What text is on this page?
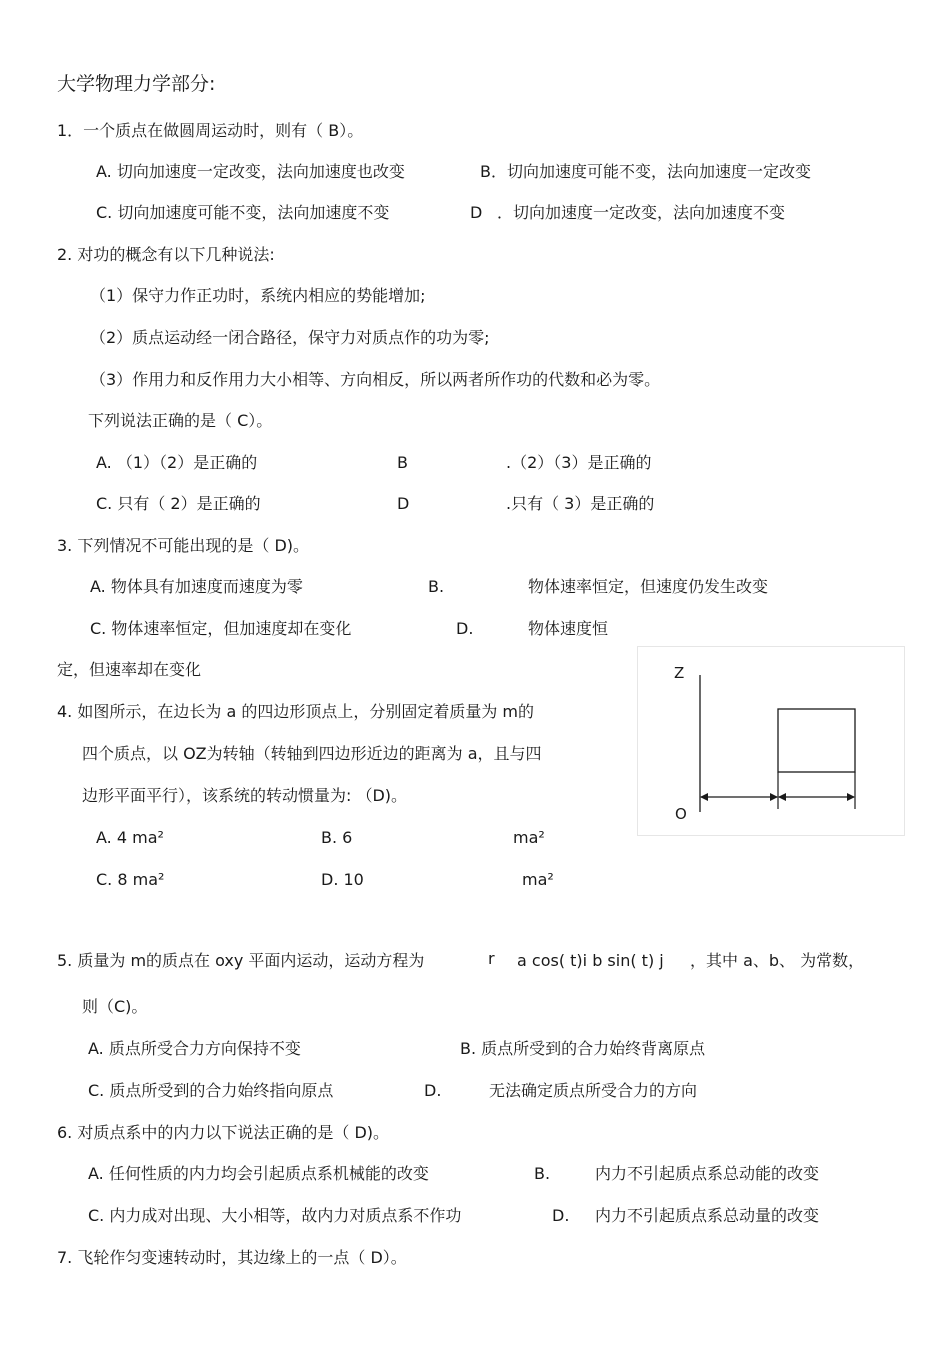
大学物理力学部分:
1．一个质点在做圆周运动时，则有（ B）。
A. 切向加速度一定改变，法向加速度也改变	B．切向加速度可能不变，法向加速度一定改变
C. 切向加速度可能不变，法向加速度不变	D ．切向加速度一定改变，法向加速度不变
2. 对功的概念有以下几种说法:
（1）保守力作正功时，系统内相应的势能增加;
（2）质点运动经一闭合路径，保守力对质点作的功为零;
（3）作用力和反作用力大小相等、方向相反，所以两者所作功的代数和必为零。
下列说法正确的是（ C）。
A. （1）（2）是正确的	B	.（2）（3）是正确的
C. 只有（ 2）是正确的	D	.只有（ 3）是正确的
3. 下列情况不可能出现的是（ D)。
A. 物体具有加速度而速度为零	B.	物体速率恒定，但速度仍发生改变
C. 物体速率恒定，但加速度却在变化	D.	物体速度恒
定，但速率却在变化
4. 如图所示，在边长为 a 的四边形顶点上，分别固定着质量为 m的
四个质点，以 OZ为转轴（转轴到四边形近边的距离为 a，且与四
边形平面平行），该系统的转动惯量为: （D)。
A. 4 ma²	B. 6	ma²
C. 8 ma²	D. 10	ma²
Z
O
5. 质量为 m的质点在 oxy 平面内运动，运动方程为	r a cos( t)i b sin( t) j ，其中 a、b、 为常数，
则（C)。
A. 质点所受合力方向保持不变	B. 质点所受到的合力始终背离原点
C. 质点所受到的合力始终指向原点	D.	无法确定质点所受合力的方向
6. 对质点系中的内力以下说法正确的是（ D)。
A. 任何性质的内力均会引起质点系机械能的改变	B.	内力不引起质点系总动能的改变
C. 内力成对出现、大小相等，故内力对质点系不作功	D. 内力不引起质点系总动量的改变
7. 飞轮作匀变速转动时，其边缘上的一点（ D）。
